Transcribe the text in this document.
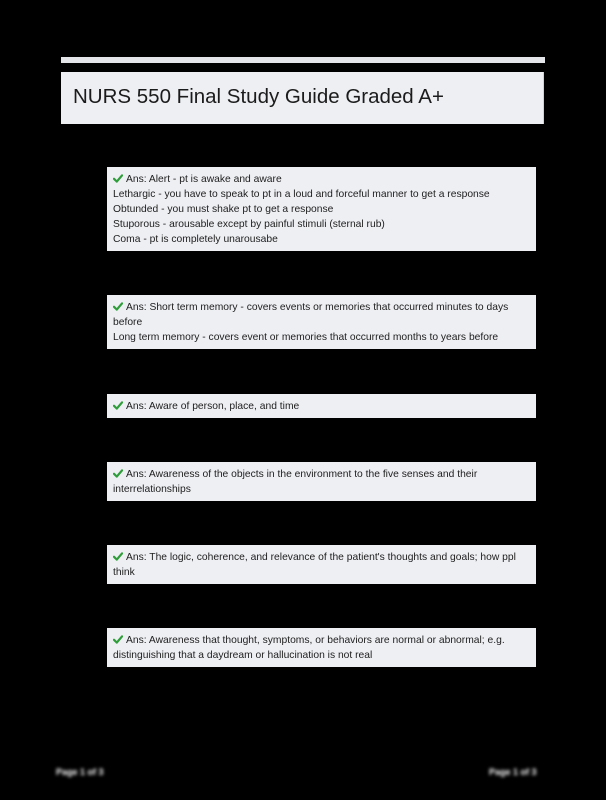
NURS 550 Final Study Guide Graded A+
Ans: Alert - pt is awake and aware
Lethargic - you have to speak to pt in a loud and forceful manner to get a response
Obtunded - you must shake pt to get a response
Stuporous - arousable except by painful stimuli (sternal rub)
Coma - pt is completely unarousabe
Ans: Short term memory - covers events or memories that occurred minutes to days before
Long term memory - covers event or memories that occurred months to years before
Ans: Aware of person, place, and time
Ans: Awareness of the objects in the environment to the five senses and their interrelationships
Ans: The logic, coherence, and relevance of the patient's thoughts and goals; how ppl think
Ans: Awareness that thought, symptoms, or behaviors are normal or abnormal; e.g. distinguishing that a daydream or hallucination is not real
Page 1 of 3	Page 1 of 3
